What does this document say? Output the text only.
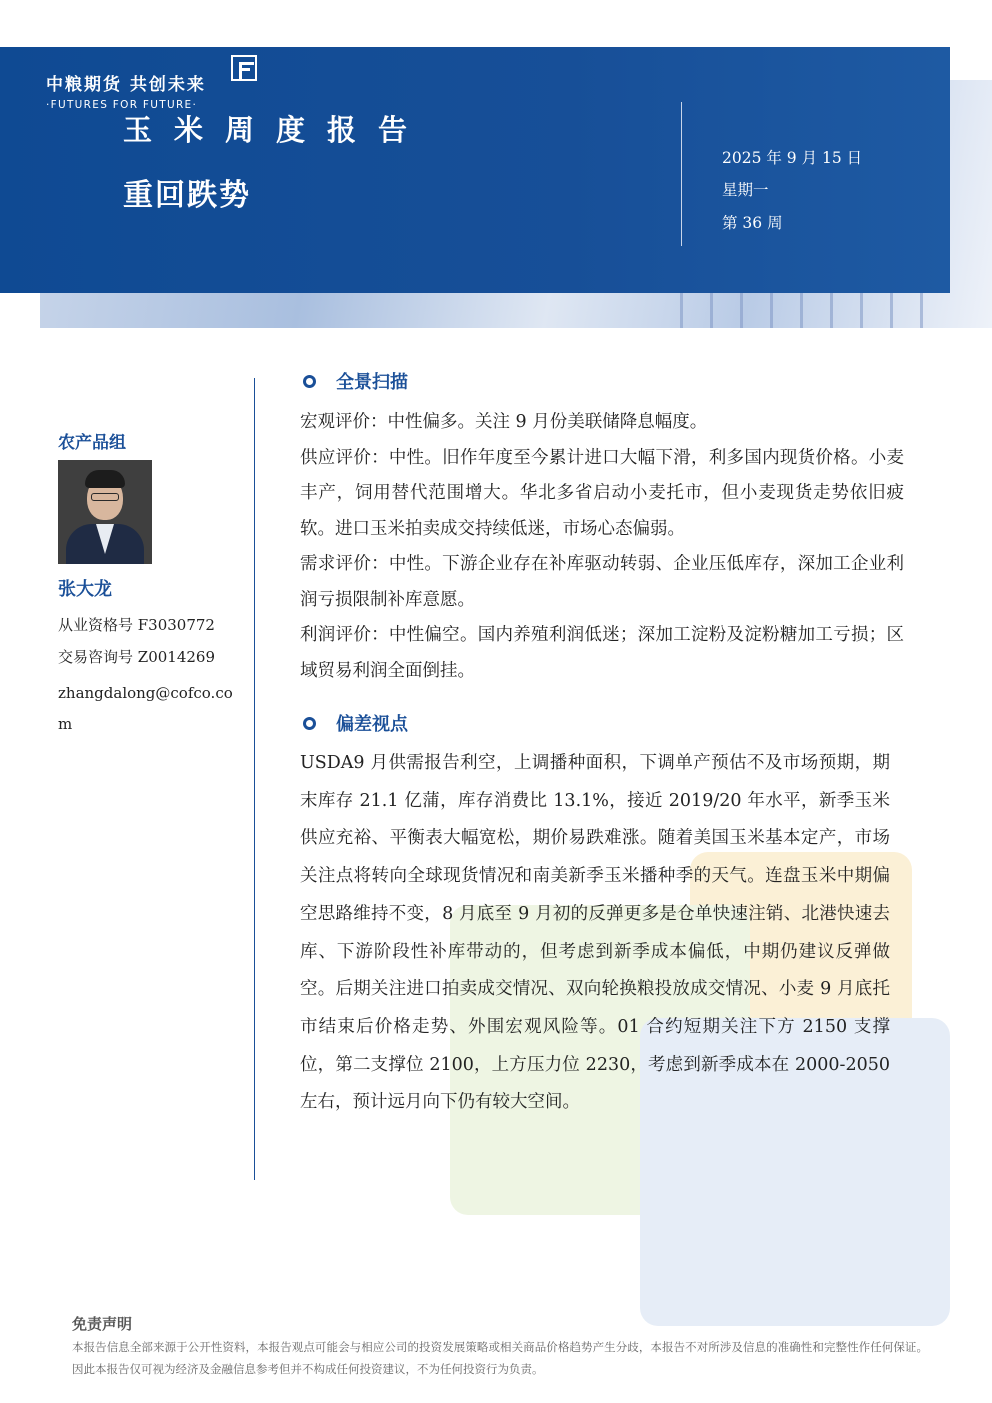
中粮期货 共创未来
·FUTURES FOR FUTURE·
玉米周度报告
重回跌势
2025 年 9 月 15 日
星期一
第 36 周
农产品组
张大龙
从业资格号 F3030772
交易咨询号 Z0014269
zhangdalong@cofco.com
全景扫描
宏观评价：中性偏多。关注 9 月份美联储降息幅度。
供应评价：中性。旧作年度至今累计进口大幅下滑，利多国内现货价格。小麦丰产，饲用替代范围增大。华北多省启动小麦托市，但小麦现货走势依旧疲软。进口玉米拍卖成交持续低迷，市场心态偏弱。
需求评价：中性。下游企业存在补库驱动转弱、企业压低库存，深加工企业利润亏损限制补库意愿。
利润评价：中性偏空。国内养殖利润低迷；深加工淀粉及淀粉糖加工亏损；区域贸易利润全面倒挂。
偏差视点
USDA9 月供需报告利空，上调播种面积，下调单产预估不及市场预期，期末库存 21.1 亿蒲，库存消费比 13.1%，接近 2019/20 年水平，新季玉米供应充裕、平衡表大幅宽松，期价易跌难涨。随着美国玉米基本定产，市场关注点将转向全球现货情况和南美新季玉米播种季的天气。连盘玉米中期偏空思路维持不变，8 月底至 9 月初的反弹更多是仓单快速注销、北港快速去库、下游阶段性补库带动的，但考虑到新季成本偏低，中期仍建议反弹做空。后期关注进口拍卖成交情况、双向轮换粮投放成交情况、小麦 9 月底托市结束后价格走势、外围宏观风险等。01 合约短期关注下方 2150 支撑位，第二支撑位 2100，上方压力位 2230，考虑到新季成本在 2000-2050 左右，预计远月向下仍有较大空间。
免责声明
本报告信息全部来源于公开性资料，本报告观点可能会与相应公司的投资发展策略或相关商品价格趋势产生分歧，本报告不对所涉及信息的准确性和完整性作任何保证。因此本报告仅可视为经济及金融信息参考但并不构成任何投资建议，不为任何投资行为负责。
